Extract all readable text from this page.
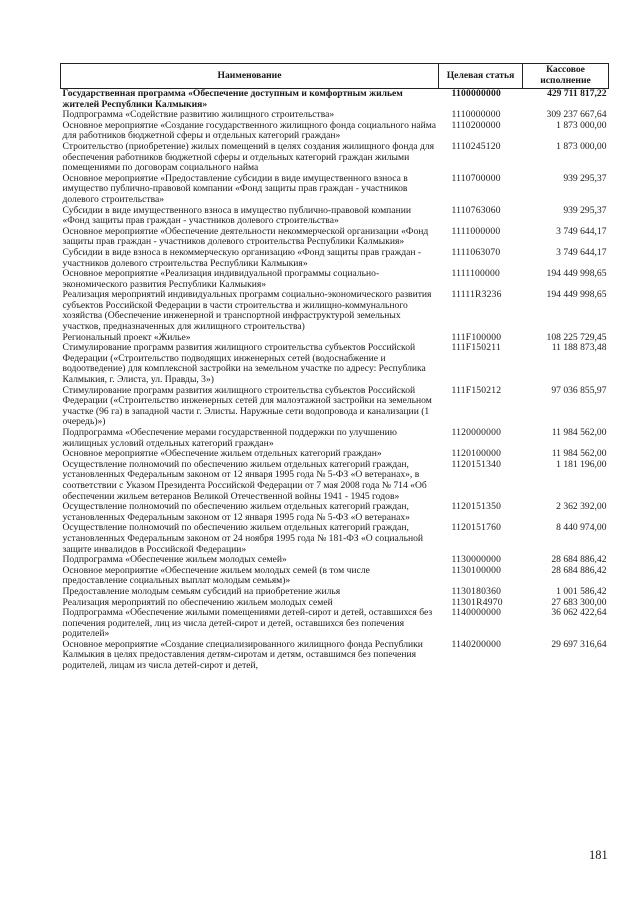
Наименование	Целевая статья	Кассовое исполнение
Государственная программа «Обеспечение доступным и комфортным жильем жителей Республики Калмыкия»	1100000000	429 711 817,22
Подпрограмма «Содействие развитию жилищного строительства»	1110000000	309 237 667,64
Основное мероприятие «Создание государственного жилищного фонда социального найма для работников бюджетной сферы и отдельных категорий граждан»	1110200000	1 873 000,00
Строительство (приобретение) жилых помещений в целях создания жилищного фонда для обеспечения работников бюджетной сферы и отдельных категорий граждан жилыми помещениями по договорам социального найма	1110245120	1 873 000,00
Основное мероприятие «Предоставление субсидии в виде имущественного взноса в имущество публично-правовой компании «Фонд защиты прав граждан - участников долевого строительства»	1110700000	939 295,37
Субсидии в виде имущественного взноса в имущество публично-правовой компании «Фонд защиты прав граждан - участников долевого строительства»	1110763060	939 295,37
Основное мероприятие «Обеспечение деятельности некоммерческой организации «Фонд защиты прав граждан - участников долевого строительства Республики Калмыкия»	1111000000	3 749 644,17
Субсидии в виде взноса в некоммерческую организацию «Фонд защиты прав граждан - участников долевого строительства Республики Калмыкия»	1111063070	3 749 644,17
Основное мероприятие «Реализация индивидуальной программы социально-экономического развития Республики Калмыкия»	1111100000	194 449 998,65
Реализация мероприятий индивидуальных программ социально-экономического развития субъектов Российской Федерации в части строительства и жилищно-коммунального хозяйства (Обеспечение инженерной и транспортной инфраструктурой земельных участков, предназначенных для жилищного строительства)	11111R3236	194 449 998,65
Региональный проект «Жилье»	111F100000	108 225 729,45
Стимулирование программ развития жилищного строительства субъектов Российской Федерации («Строительство подводящих инженерных сетей (водоснабжение и водоотведение) для комплексной застройки на земельном участке по адресу: Республика Калмыкия, г. Элиста, ул. Правды, 3»)	111F150211	11 188 873,48
Стимулирование программ развития жилищного строительства субъектов Российской Федерации («Строительство инженерных сетей для малоэтажной застройки на земельном участке (96 га) в западной части г. Элисты. Наружные сети водопровода и канализации (1 очередь)»)	111F150212	97 036 855,97
Подпрограмма «Обеспечение мерами государственной поддержки по улучшению жилищных условий отдельных категорий граждан»	1120000000	11 984 562,00
Основное мероприятие «Обеспечение жильем отдельных категорий граждан»	1120100000	11 984 562,00
Осуществление полномочий по обеспечению жильем отдельных категорий граждан, установленных Федеральным законом от 12 января 1995 года № 5-ФЗ «О ветеранах», в соответствии с Указом Президента Российской Федерации от 7 мая 2008 года № 714 «Об обеспечении жильем ветеранов Великой Отечественной войны 1941 - 1945 годов»	1120151340	1 181 196,00
Осуществление полномочий по обеспечению жильем отдельных категорий граждан, установленных Федеральным законом от 12 января 1995 года № 5-ФЗ «О ветеранах»	1120151350	2 362 392,00
Осуществление полномочий по обеспечению жильем отдельных категорий граждан, установленных Федеральным законом от 24 ноября 1995 года № 181-ФЗ «О социальной защите инвалидов в Российской Федерации»	1120151760	8 440 974,00
Подпрограмма «Обеспечение жильем молодых семей»	1130000000	28 684 886,42
Основное мероприятие «Обеспечение жильем молодых семей (в том числе предоставление социальных выплат молодым семьям)»	1130100000	28 684 886,42
Предоставление молодым семьям субсидий на приобретение жилья	1130180360	1 001 586,42
Реализация мероприятий по обеспечению жильем молодых семей	11301R4970	27 683 300,00
Подпрограмма «Обеспечение жилыми помещениями детей-сирот и детей, оставшихся без попечения родителей, лиц из числа детей-сирот и детей, оставшихся без попечения родителей»	1140000000	36 062 422,64
Основное мероприятие «Создание специализированного жилищного фонда Республики Калмыкия в целях предоставления детям-сиротам и детям, оставшимся без попечения родителей, лицам из числа детей-сирот и детей,	1140200000	29 697 316,64
181
